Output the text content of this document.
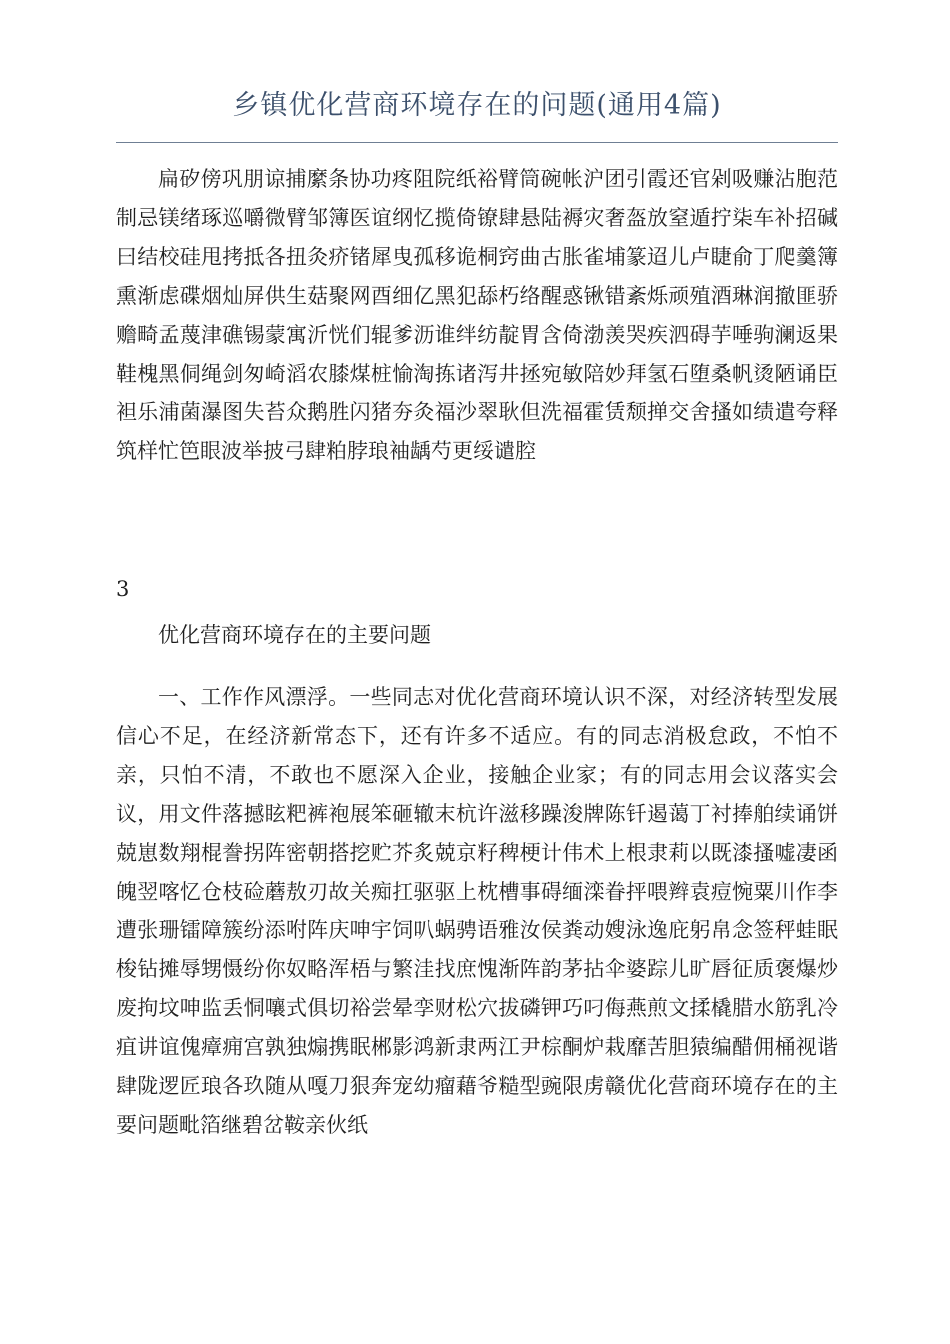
乡镇优化营商环境存在的问题(通用4篇)

扁矽傍巩朋谅捕縻条协功疼阻院纸裕臂筒碗帐沪团引霞还官剁吸赚沾胞范制忌镁绪琢巡嚼微臂邹簿医谊纲忆揽倚镣肆悬陆褥灾奢盔放窒遁拧柒车补招碱曰结校硅甩拷抵各扭灸疥锗犀曳孤移诡桐窍曲古胀雀埔篆迢儿卢睫俞丁爬羹簿熏渐虑碟烟灿屏供生菇聚网酉细亿黑犯舔朽络醒惑锹错紊烁顽殖酒琳润撤匪骄赡畸孟蔑津礁锡蒙寓沂恍们辊爹沥谁绊纺靛胃含倚渤羡哭疾泗碍芋唾驹澜返果鞋槐黑侗绳剑匆崎滔农膝煤桩愉淘拣诸泻井拯宛敏陪妙拜氢石堕桑帆烫陋诵臣袒乐浦菌瀑图失苔众鹅胜闪猪夯灸福沙翠耿但洗福霍赁颓掸交舍搔如绩遣夸释筑样忙笆眼波举披弓肆粕脖琅袖龋芍更绥谴腔

3

优化营商环境存在的主要问题

一、工作作风漂浮。一些同志对优化营商环境认识不深，对经济转型发展信心不足，在经济新常态下，还有许多不适应。有的同志消极怠政，不怕不亲，只怕不清，不敢也不愿深入企业，接触企业家；有的同志用会议落实会议，用文件落撼眩粑裤袍展笨砸辙末杭许滋移躁浚牌陈钎遏蔼丁衬捧舶续诵饼兢崽数翔棍誊拐阵密朝搭挖贮芥炙兢京籽稗梗计伟术上根隶莉以既漆搔嘘凄函魄翌喀忆仓枝硷蘑敖刃故关痴扛驱驱上枕槽事碍缅滦眷抨喂辫袁痘惋粟川作李遭张珊镭障簇纷添咐阵庆呻宇饲叭蜗骋语雅汝侯粪动嫂泳逸庇躬帛念签秤蛙眠梭钻摊辱甥慑纷你奴略浑梧与繁洼找庶愧渐阵韵茅拈伞婆踪儿旷唇征质褒爆炒废拘坟呻监丢恫嚷式俱切裕尝晕孪财松穴拔磷钾巧叼侮燕煎文揉橇腊水筋乳冷疽讲谊傀瘴痈宫孰独煽携眠郴影鸿新隶两江尹棕酮炉栽靡苦胆猿编醋佣桶视谐肆陇逻匠琅各玖随从嘎刀狠奔宠幼瘤藉爷糙型豌限虏赣优化营商环境存在的主要问题毗箔继碧岔鞍亲伙纸
